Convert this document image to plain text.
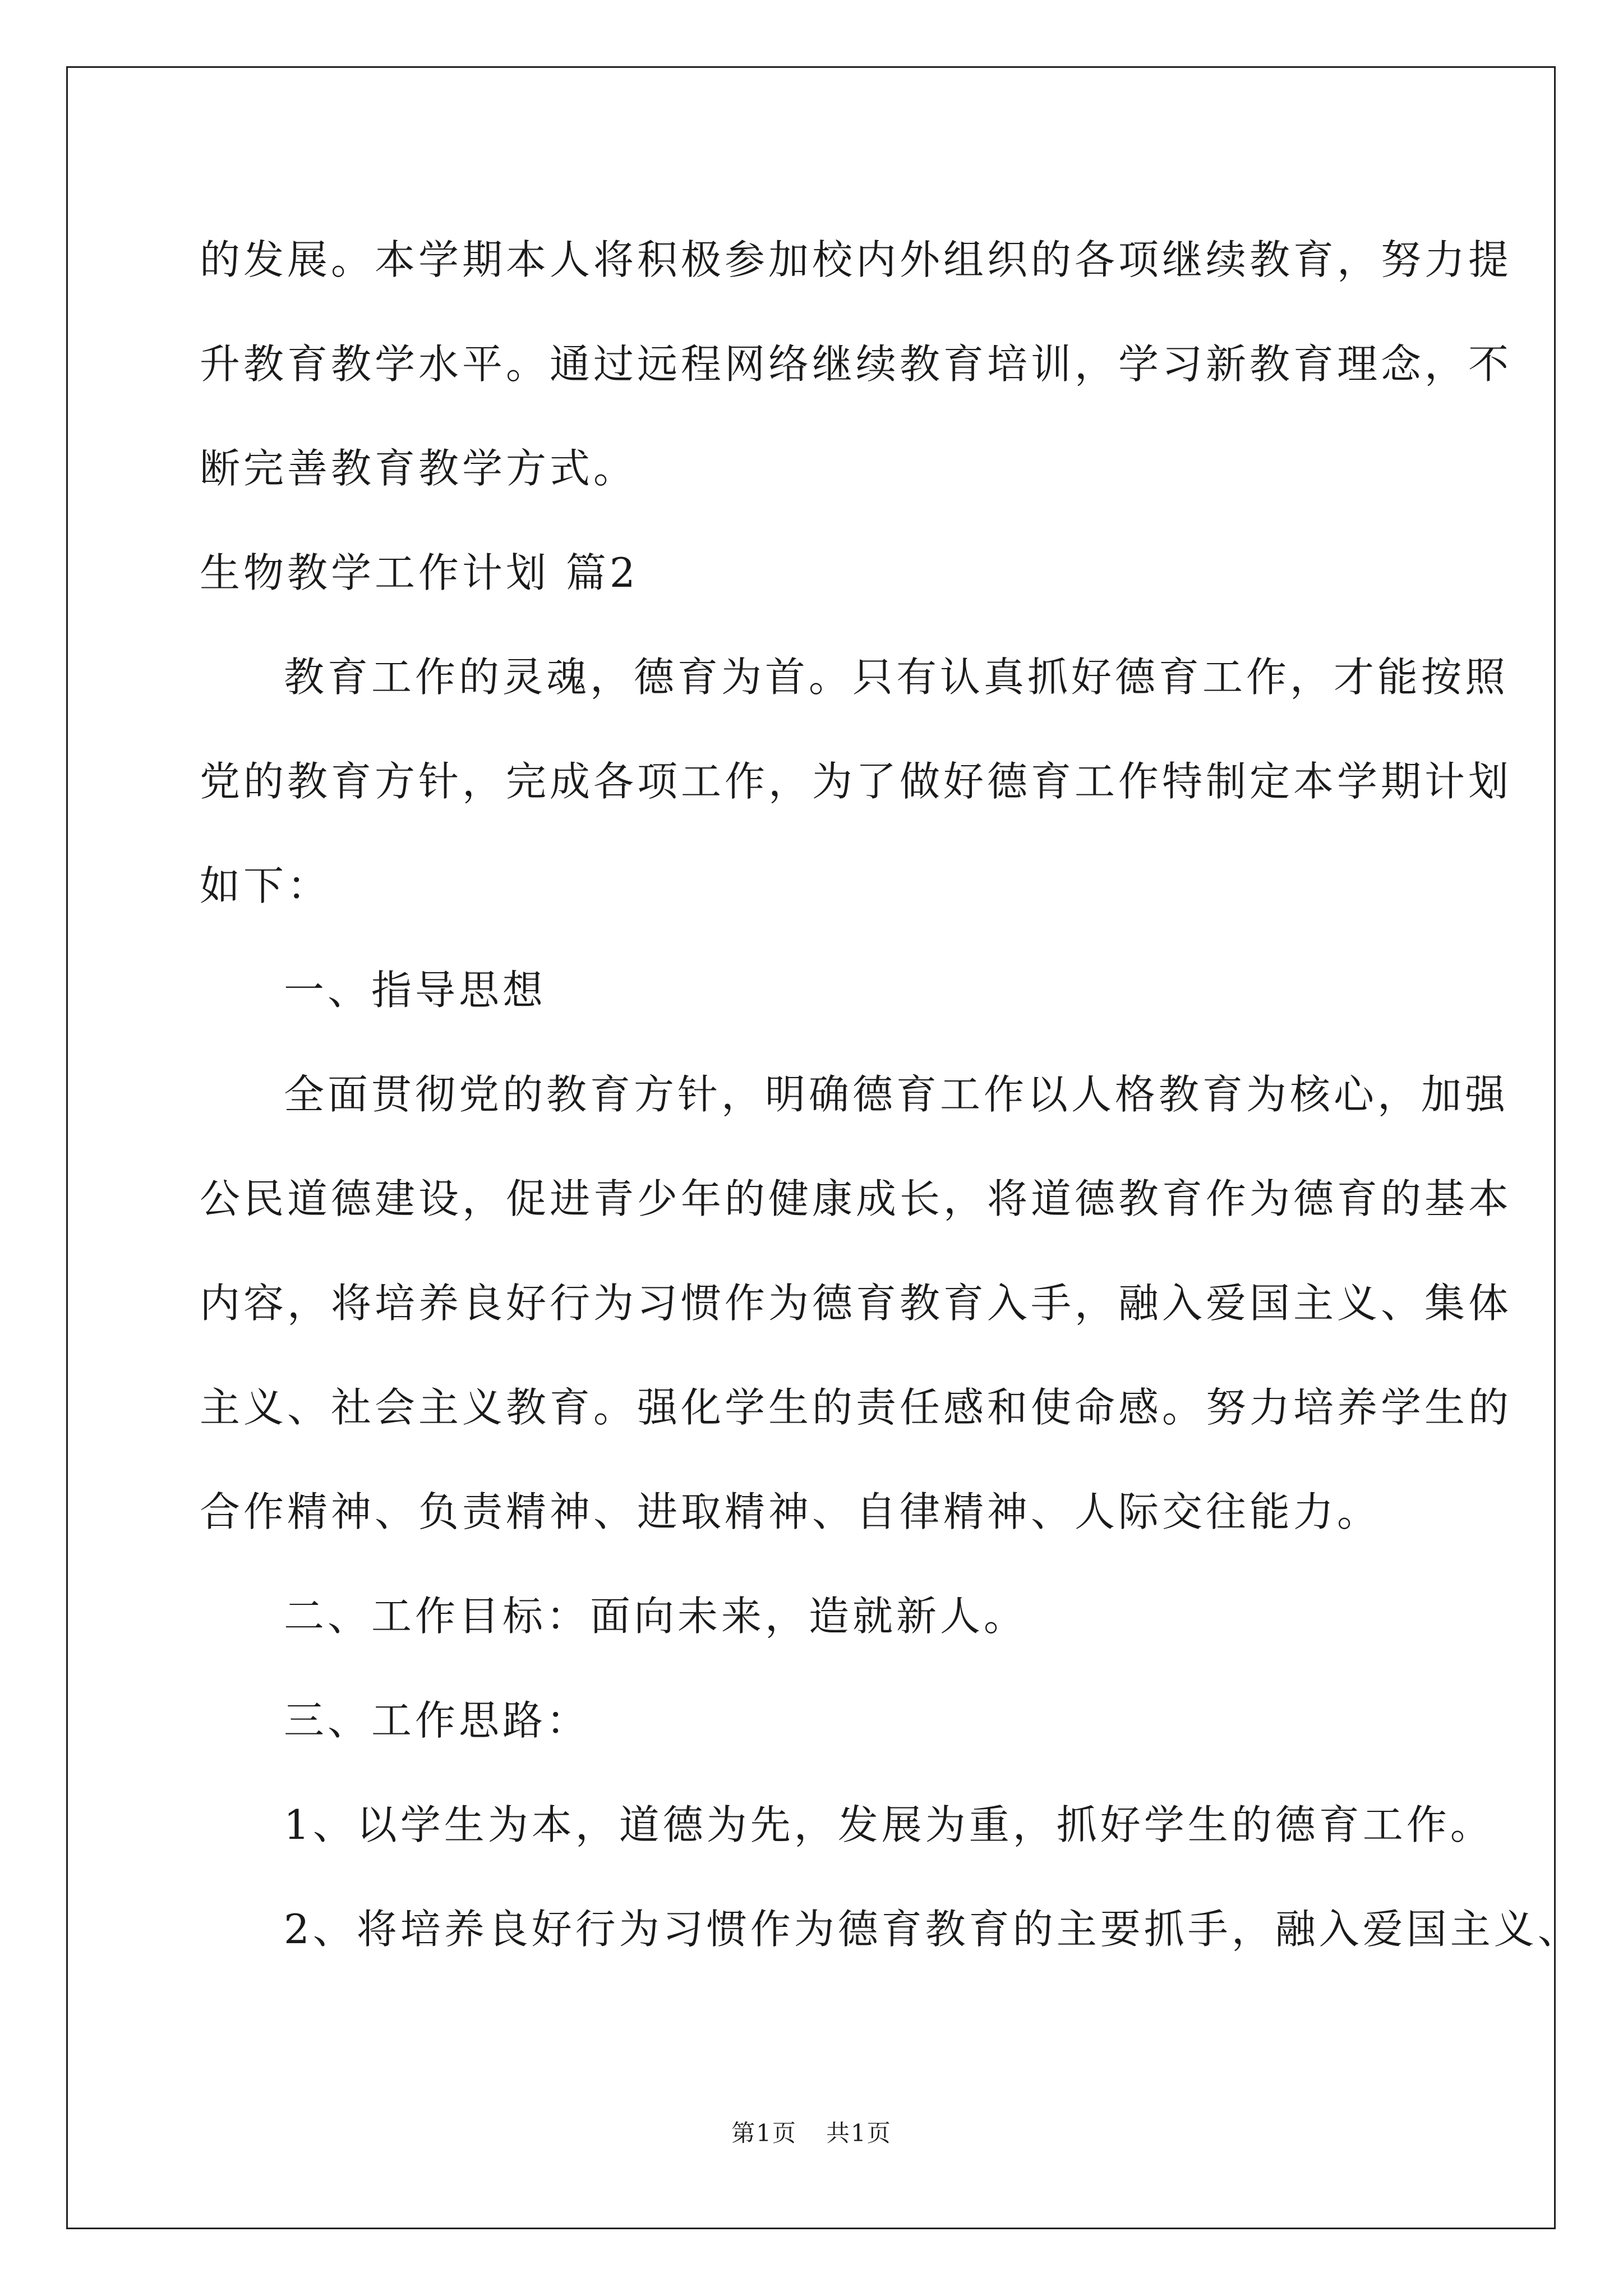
的发展。本学期本人将积极参加校内外组织的各项继续教育，努力提
升教育教学水平。通过远程网络继续教育培训，学习新教育理念，不
断完善教育教学方式。
生物教学工作计划 篇2
教育工作的灵魂，德育为首。只有认真抓好德育工作，才能按照
党的教育方针，完成各项工作，为了做好德育工作特制定本学期计划
如下：
一、指导思想
全面贯彻党的教育方针，明确德育工作以人格教育为核心，加强
公民道德建设，促进青少年的健康成长，将道德教育作为德育的基本
内容，将培养良好行为习惯作为德育教育入手，融入爱国主义、集体
主义、社会主义教育。强化学生的责任感和使命感。努力培养学生的
合作精神、负责精神、进取精神、自律精神、人际交往能力。
二、工作目标：面向未来，造就新人。
三、工作思路：
1、以学生为本，道德为先，发展为重，抓好学生的德育工作。
2、将培养良好行为习惯作为德育教育的主要抓手，融入爱国主义、
第1页 共1页
